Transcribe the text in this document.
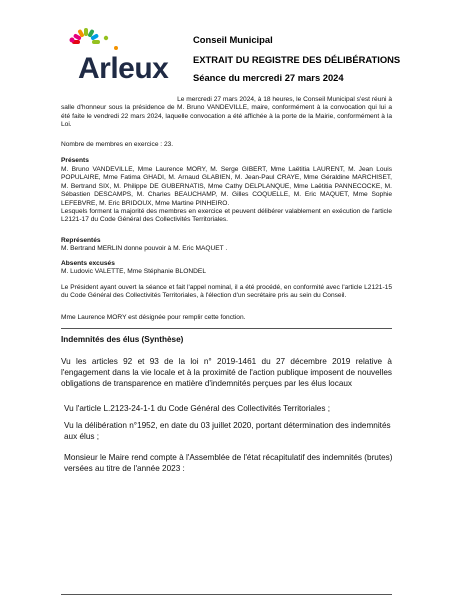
Arleux
Conseil Municipal
EXTRAIT DU REGISTRE DES DÉLIBÉRATIONS
Séance du mercredi 27 mars 2024
Le mercredi 27 mars 2024, à 18 heures, le Conseil Municipal s'est réuni à
salle d'honneur sous la présidence de M. Bruno VANDEVILLE, maire, conformément à la convocation qui lui a été faite le vendredi 22 mars 2024, laquelle convocation a été affichée à la porte de la Mairie, conformément à la Loi.
Nombre de membres en exercice : 23.
Présents
M. Bruno VANDEVILLE, Mme Laurence MORY, M. Serge GIBERT, Mme Laëtitia LAURENT, M. Jean Louis POPULAIRE, Mme Fatima GHADI, M. Arnaud GLABIEN, M. Jean-Paul CRAYE, Mme Géraldine MARCHISET, M. Bertrand SIX, M. Philippe DE GUBERNATIS, Mme Cathy DELPLANQUE, Mme Laëtitia PANNECOCKE, M. Sébastien DESCAMPS, M. Charles BEAUCHAMP, M. Gilles COQUELLE, M. Eric MAQUET, Mme Sophie LEFEBVRE, M. Eric BRIDOUX, Mme Martine PINHEIRO.
Lesquels forment la majorité des membres en exercice et peuvent délibérer valablement en exécution de l'article L2121-17 du Code Général des Collectivités Territoriales.
Représentés
M. Bertrand MERLIN donne pouvoir à M. Eric MAQUET .
Absents excusés
M. Ludovic VALETTE, Mme Stéphanie BLONDEL
Le Président ayant ouvert la séance et fait l'appel nominal, il a été procédé, en conformité avec l'article L2121-15 du Code Général des Collectivités Territoriales, à l'élection d'un secrétaire pris au sein du Conseil.
Mme Laurence MORY est désignée pour remplir cette fonction.
Indemnités des élus (Synthèse)
Vu les articles 92 et 93 de la loi n° 2019-1461 du 27 décembre 2019 relative à l'engagement dans la vie locale et à la proximité de l'action publique imposent de nouvelles obligations de transparence en matière d'indemnités perçues par les élus locaux
Vu l'article L.2123-24-1-1 du Code Général des Collectivités Territoriales ;
Vu la délibération n°1952, en date du 03 juillet 2020, portant détermination des indemnités aux élus ;
Monsieur le Maire rend compte à l'Assemblée de l'état récapitulatif des indemnités (brutes) versées au titre de l'année 2023 :
